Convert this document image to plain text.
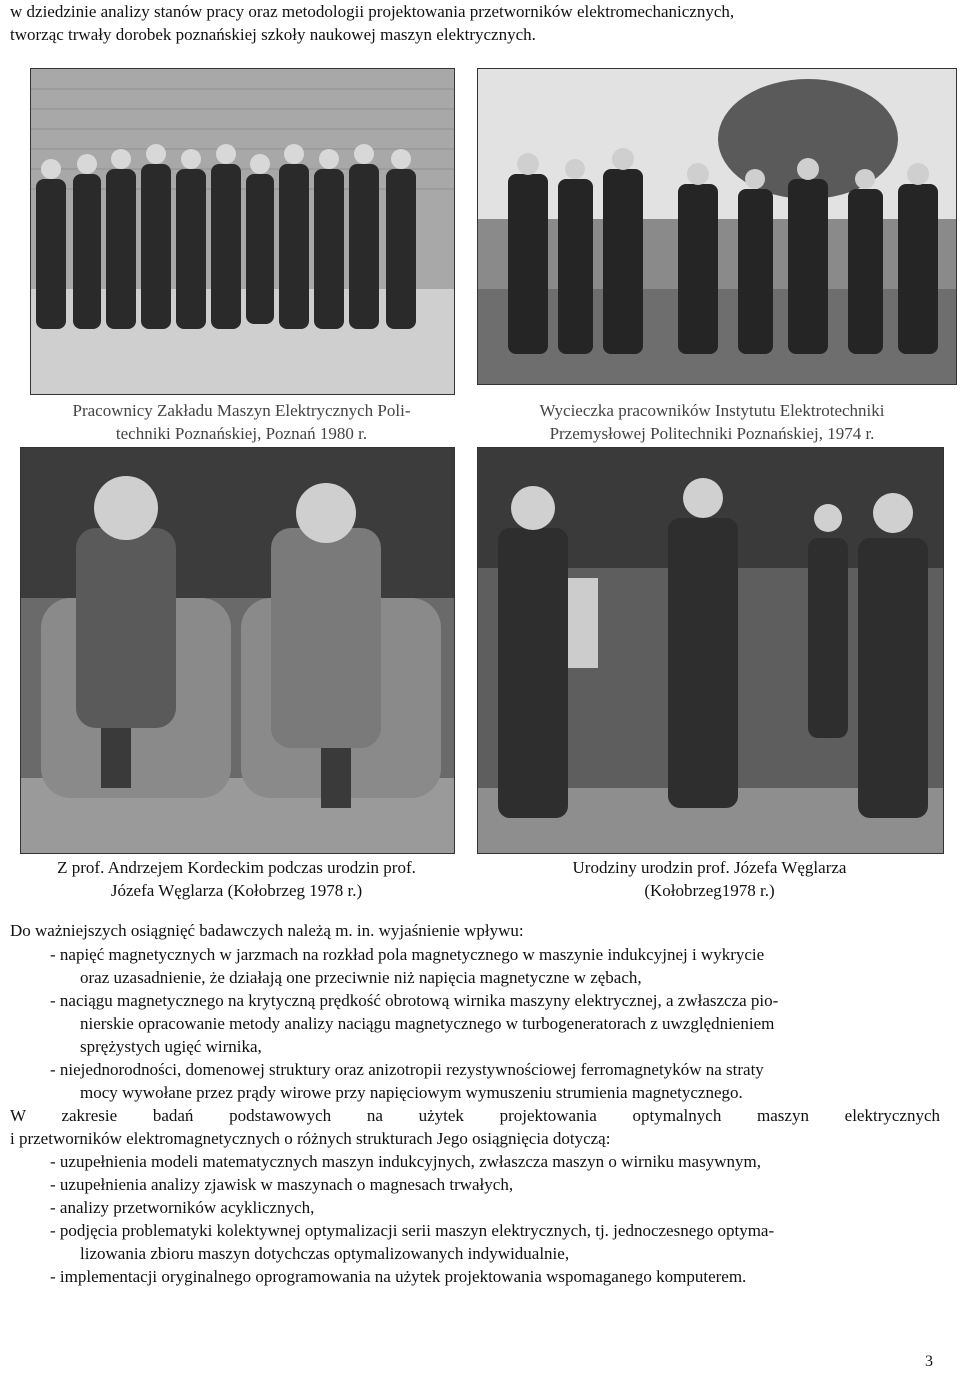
w dziedzinie analizy stanów pracy oraz metodologii projektowania przetworników elektromechanicznych,
tworząc trwały dorobek poznańskiej szkoły naukowej maszyn elektrycznych.
Pracownicy Zakładu Maszyn Elektrycznych Poli-
techniki Poznańskiej, Poznań 1980 r.
Wycieczka pracowników Instytutu Elektrotechniki
Przemysłowej Politechniki Poznańskiej, 1974 r.
Z prof. Andrzejem Kordeckim podczas urodzin prof.
Józefa Węglarza (Kołobrzeg 1978 r.)
Urodziny urodzin prof. Józefa Węglarza
(Kołobrzeg1978 r.)
Do ważniejszych osiągnięć badawczych należą m. in. wyjaśnienie wpływu:
- napięć magnetycznych w jarzmach na rozkład pola magnetycznego w maszynie indukcyjnej i wykrycie
oraz uzasadnienie, że działają one przeciwnie niż napięcia magnetyczne w zębach,
- naciągu magnetycznego na krytyczną prędkość obrotową wirnika maszyny elektrycznej, a zwłaszcza pio-
nierskie opracowanie metody analizy naciągu magnetycznego w turbogeneratorach z uwzględnieniem
sprężystych ugięć wirnika,
- niejednorodności, domenowej struktury oraz anizotropii rezystywnościowej ferromagnetyków na straty
mocy wywołane przez prądy wirowe przy napięciowym wymuszeniu strumienia magnetycznego.
W zakresie badań podstawowych na użytek projektowania optymalnych maszyn elektrycznych
i przetworników elektromagnetycznych o różnych strukturach Jego osiągnięcia dotyczą:
- uzupełnienia modeli matematycznych maszyn indukcyjnych, zwłaszcza maszyn o wirniku masywnym,
- uzupełnienia analizy zjawisk w maszynach o magnesach trwałych,
- analizy przetworników acyklicznych,
- podjęcia problematyki kolektywnej optymalizacji serii maszyn elektrycznych, tj. jednoczesnego optyma-
lizowania zbioru maszyn dotychczas optymalizowanych indywidualnie,
- implementacji oryginalnego oprogramowania na użytek projektowania wspomaganego komputerem.
3
